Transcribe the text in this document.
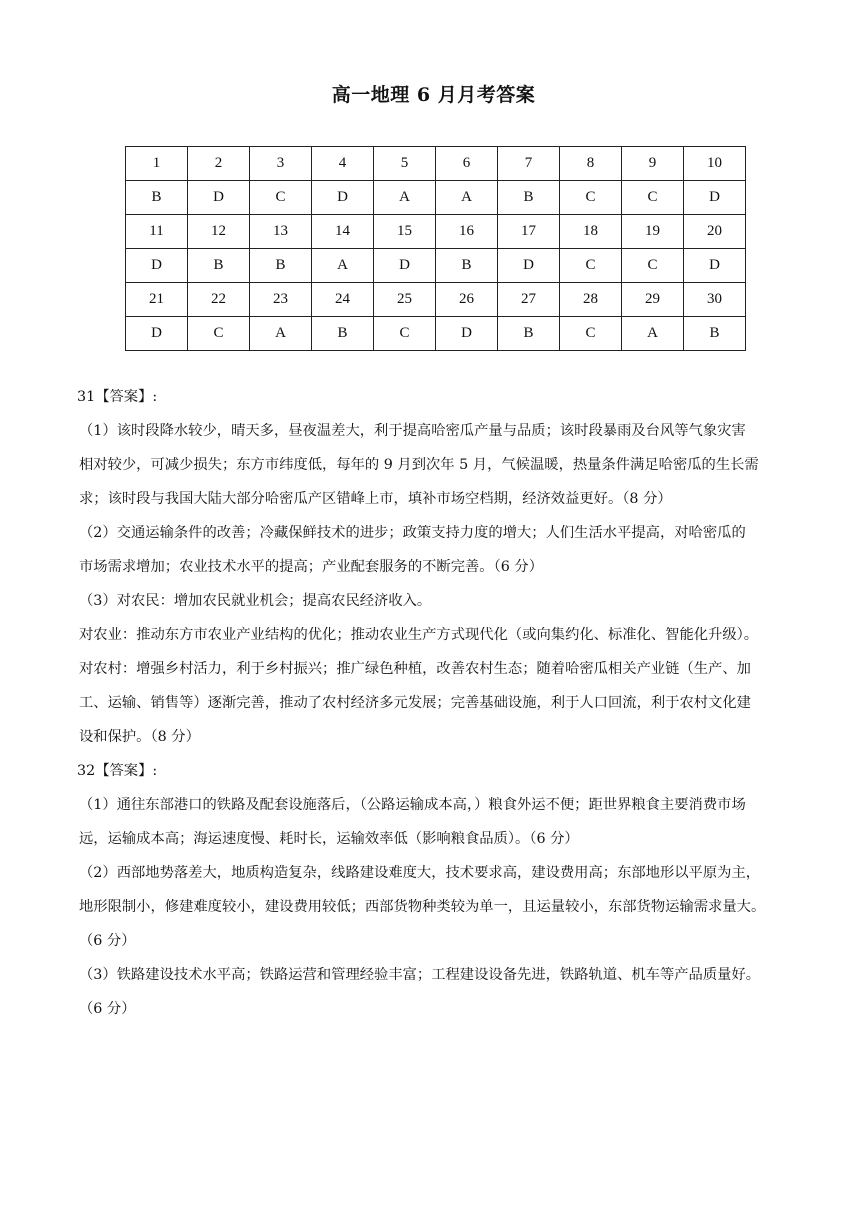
高一地理 6 月月考答案
1	2	3	4	5	6	7	8	9	10
B	D	C	D	A	A	B	C	C	D
11	12	13	14	15	16	17	18	19	20
D	B	B	A	D	B	D	C	C	D
21	22	23	24	25	26	27	28	29	30
D	C	A	B	C	D	B	C	A	B

31【答案】:

（1）该时段降水较少，晴天多，昼夜温差大，利于提高哈密瓜产量与品质；该时段暴雨及台风等气象灾害

相对较少，可减少损失；东方市纬度低，每年的 9 月到次年 5 月，气候温暖，热量条件满足哈密瓜的生长需

求；该时段与我国大陆大部分哈密瓜产区错峰上市，填补市场空档期，经济效益更好。（8 分）

（2）交通运输条件的改善；冷藏保鲜技术的进步；政策支持力度的增大；人们生活水平提高，对哈密瓜的

市场需求增加；农业技术水平的提高；产业配套服务的不断完善。（6 分）

（3）对农民：增加农民就业机会；提高农民经济收入。

对农业：推动东方市农业产业结构的优化；推动农业生产方式现代化（或向集约化、标准化、智能化升级）。

对农村：增强乡村活力，利于乡村振兴；推广绿色种植，改善农村生态；随着哈密瓜相关产业链（生产、加

工、运输、销售等）逐渐完善，推动了农村经济多元发展；完善基础设施，利于人口回流，利于农村文化建

设和保护。（8 分）

32【答案】:

（1）通往东部港口的铁路及配套设施落后，（公路运输成本高，）粮食外运不便；距世界粮食主要消费市场

远，运输成本高；海运速度慢、耗时长，运输效率低（影响粮食品质）。（6 分）

（2）西部地势落差大，地质构造复杂，线路建设难度大，技术要求高，建设费用高；东部地形以平原为主，

地形限制小，修建难度较小，建设费用较低；西部货物种类较为单一，且运量较小，东部货物运输需求量大。

（6 分）

（3）铁路建设技术水平高；铁路运营和管理经验丰富；工程建设设备先进，铁路轨道、机车等产品质量好。

（6 分）
